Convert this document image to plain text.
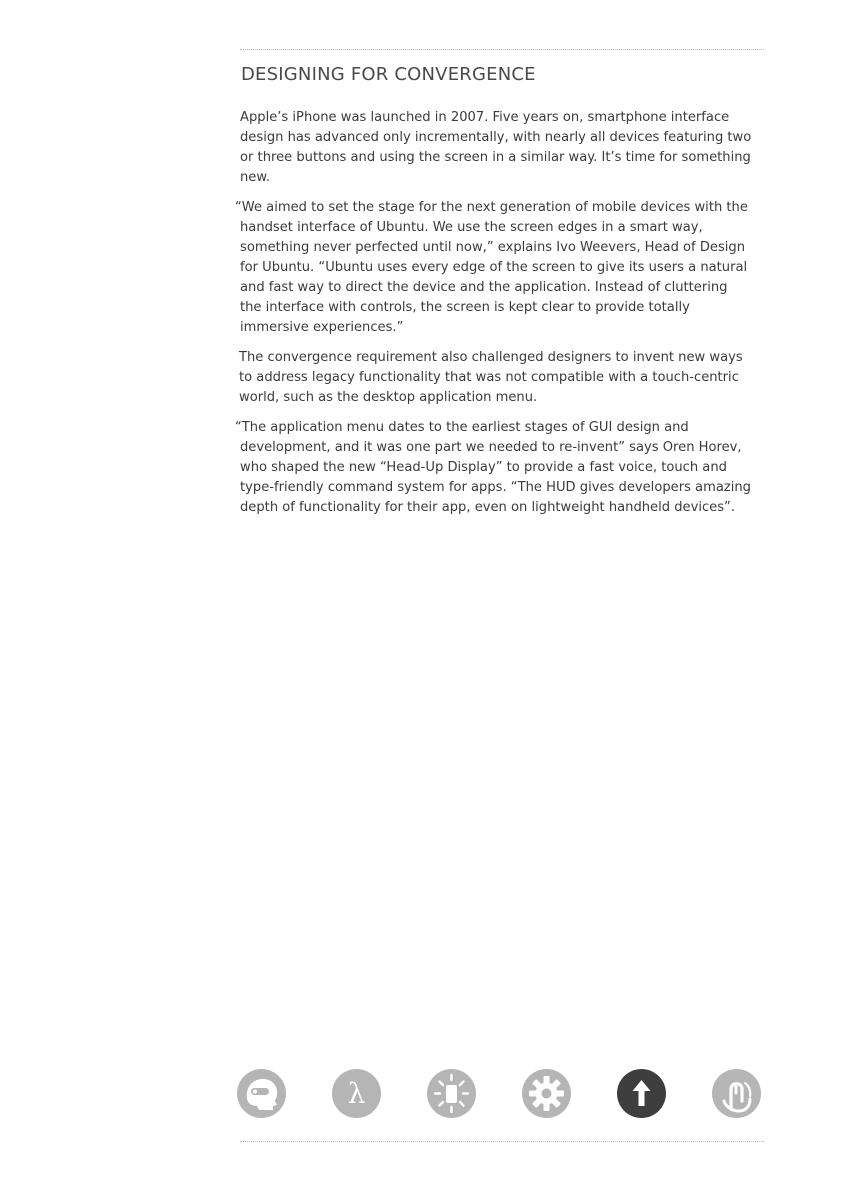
DESIGNING FOR CONVERGENCE

Apple’s iPhone was launched in 2007. Five years on, smartphone interface design has advanced only incrementally, with nearly all devices featuring two or three buttons and using the screen in a similar way. It’s time for something new.

“We aimed to set the stage for the next generation of mobile devices with the handset interface of Ubuntu. We use the screen edges in a smart way, something never perfected until now,” explains Ivo Weevers, Head of Design for Ubuntu. “Ubuntu uses every edge of the screen to give its users a natural and fast way to direct the device and the application. Instead of cluttering the interface with controls, the screen is kept clear to provide totally immersive experiences.”

The convergence requirement also challenged designers to invent new ways to address legacy functionality that was not compatible with a touch-centric world, such as the desktop application menu.

“The application menu dates to the earliest stages of GUI design and development, and it was one part we needed to re-invent” says Oren Horev, who shaped the new “Head-Up Display” to provide a fast voice, touch and type-friendly command system for apps. “The HUD gives developers amazing depth of functionality for their app, even on lightweight handheld devices”.

λ
